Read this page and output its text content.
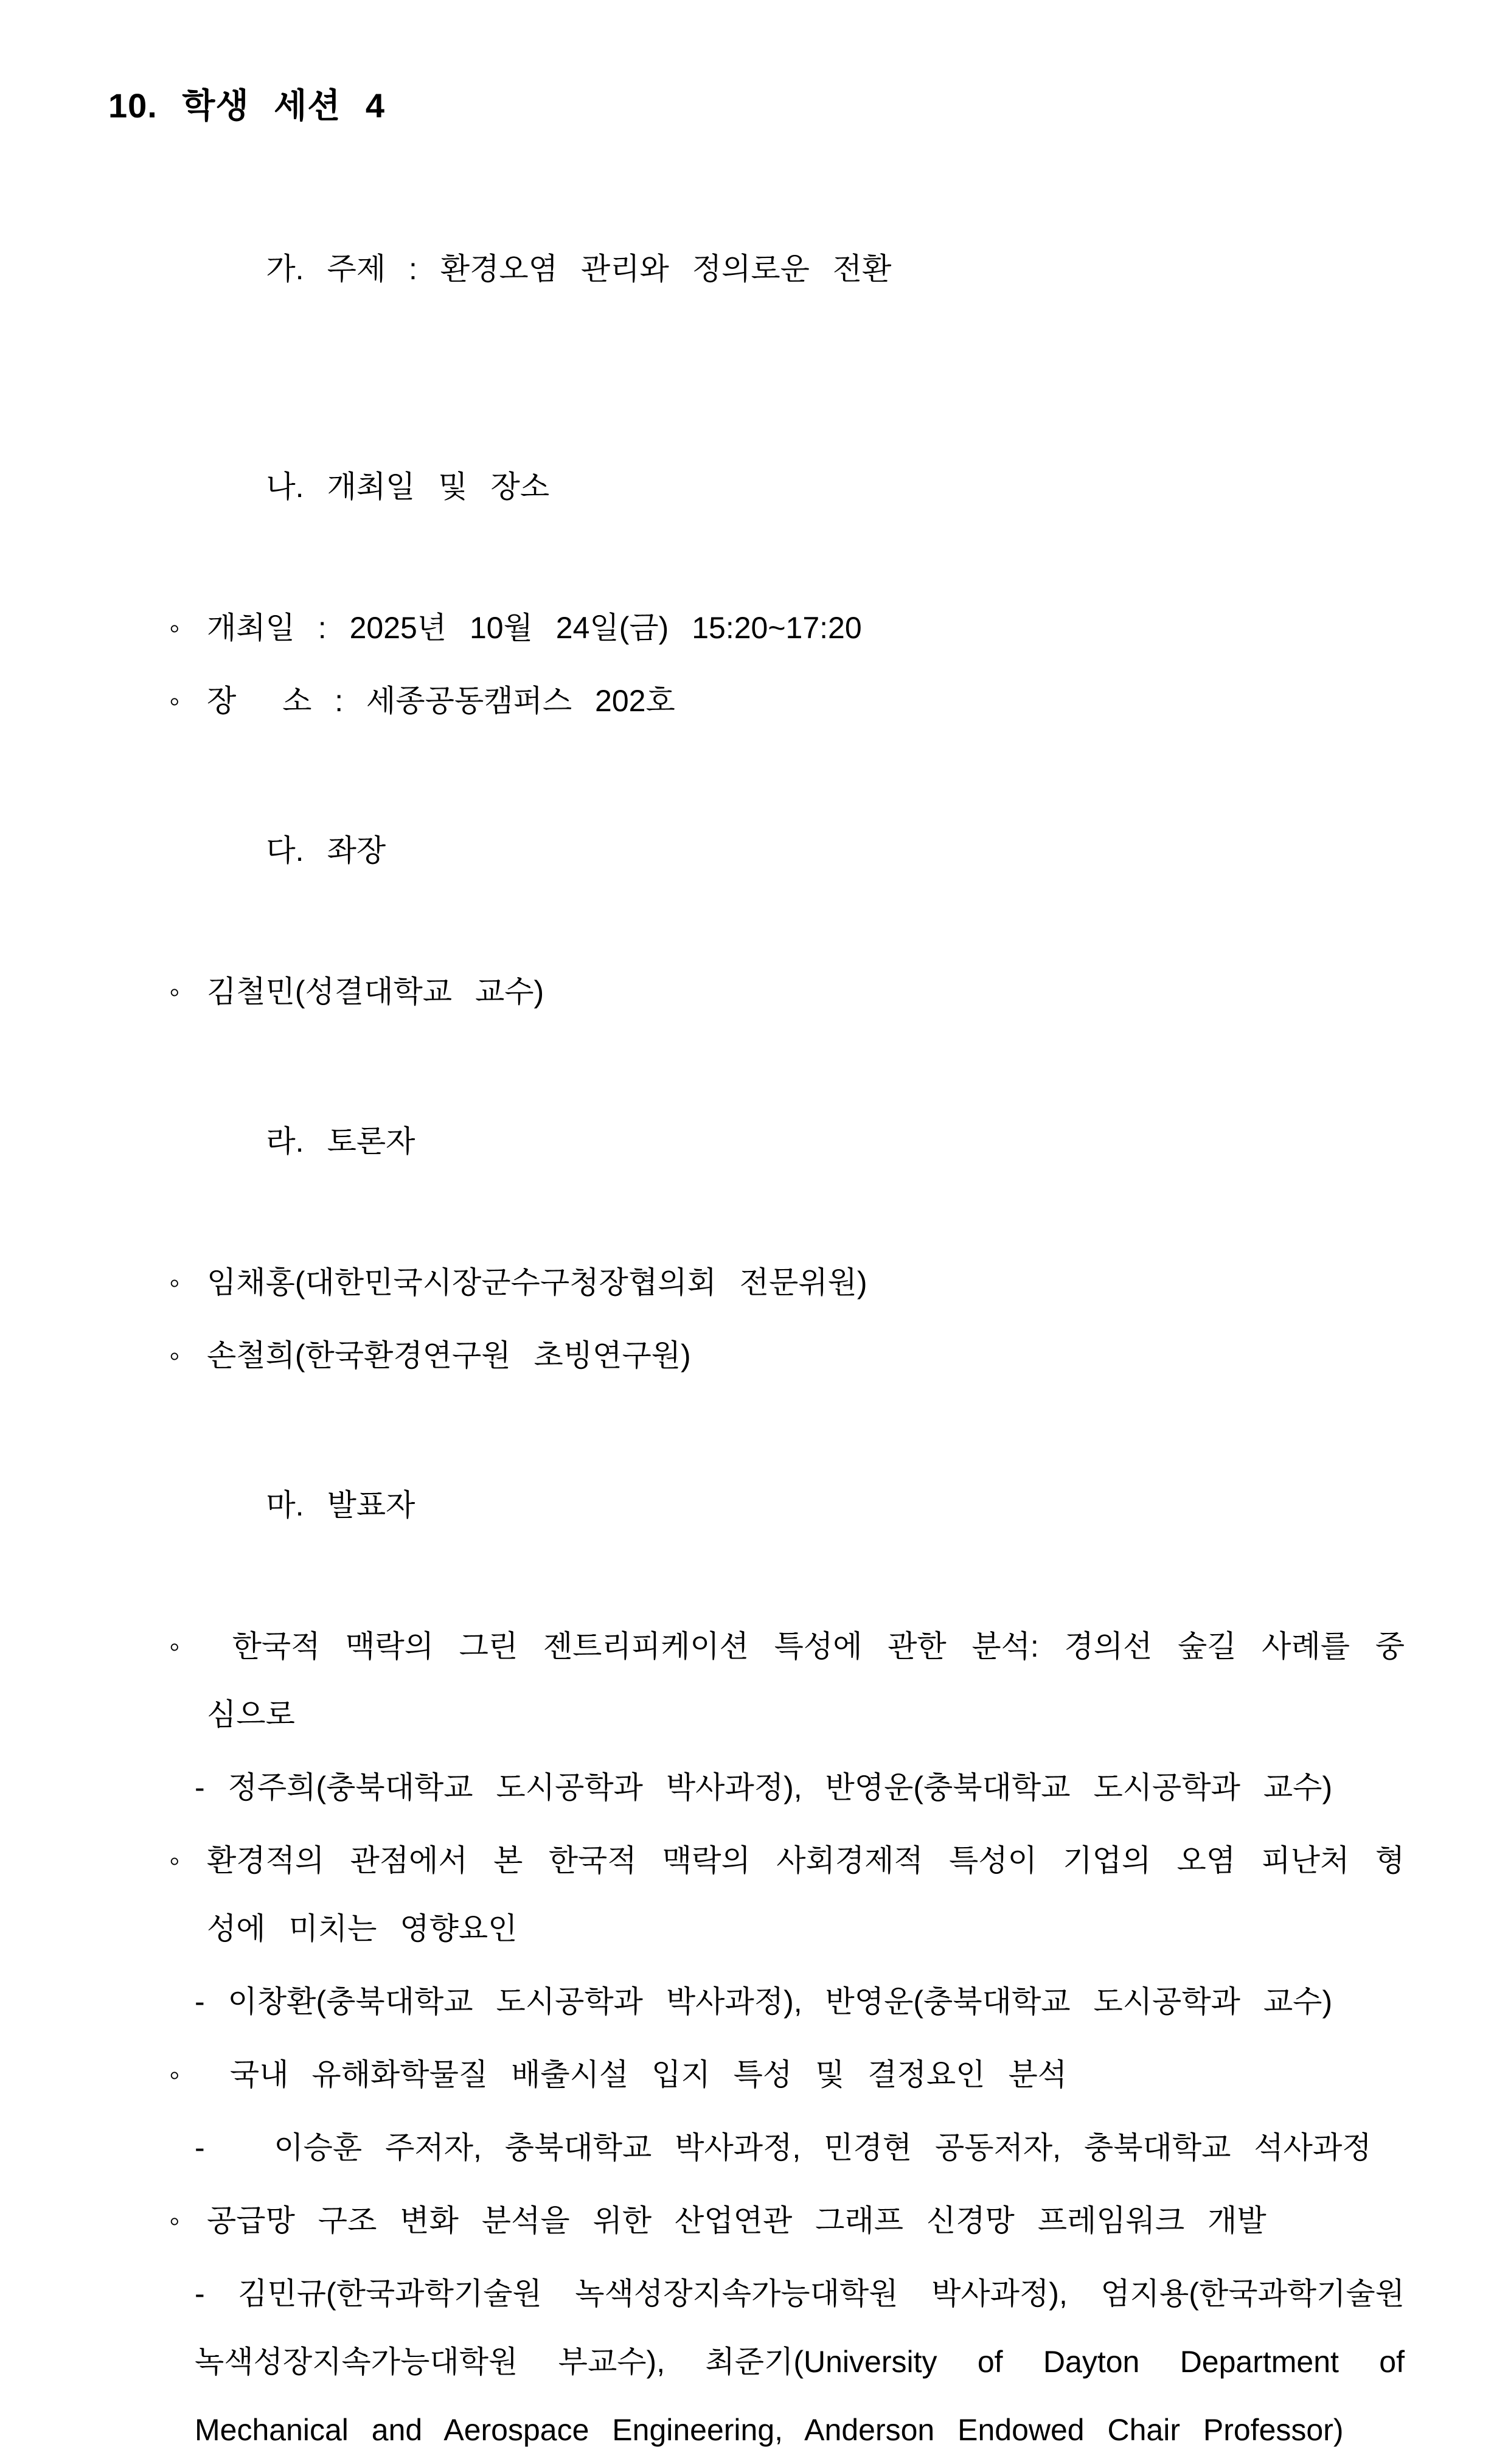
10. 학생 세션 4

가. 주제 : 환경오염 관리와 정의로운 전환

나. 개최일 및 장소

◦ 개최일 : 2025년 10월 24일(금) 15:20~17:20
◦ 장  소 : 세종공동캠퍼스 202호

다. 좌장

◦ 김철민(성결대학교 교수)

라. 토론자

◦ 임채홍(대한민국시장군수구청장협의회 전문위원)
◦ 손철희(한국환경연구원 초빙연구원)

마. 발표자

◦ 한국적 맥락의 그린 젠트리피케이션 특성에 관한 분석: 경의선 숲길 사례를 중심으로
- 정주희(충북대학교 도시공학과 박사과정), 반영운(충북대학교 도시공학과 교수)
◦ 환경적의 관점에서 본 한국적 맥락의 사회경제적 특성이 기업의 오염 피난처 형성에 미치는 영향요인
- 이창환(충북대학교 도시공학과 박사과정), 반영운(충북대학교 도시공학과 교수)
◦ 국내 유해화학물질 배출시설 입지 특성 및 결정요인 분석
-   이승훈 주저자, 충북대학교 박사과정, 민경현 공동저자, 충북대학교 석사과정
◦ 공급망 구조 변화 분석을 위한 산업연관 그래프 신경망 프레임워크 개발
- 김민규(한국과학기술원 녹색성장지속가능대학원 박사과정), 엄지용(한국과학기술원 녹색성장지속가능대학원 부교수), 최준기(University of Dayton Department of Mechanical and Aerospace Engineering, Anderson Endowed Chair Professor)
